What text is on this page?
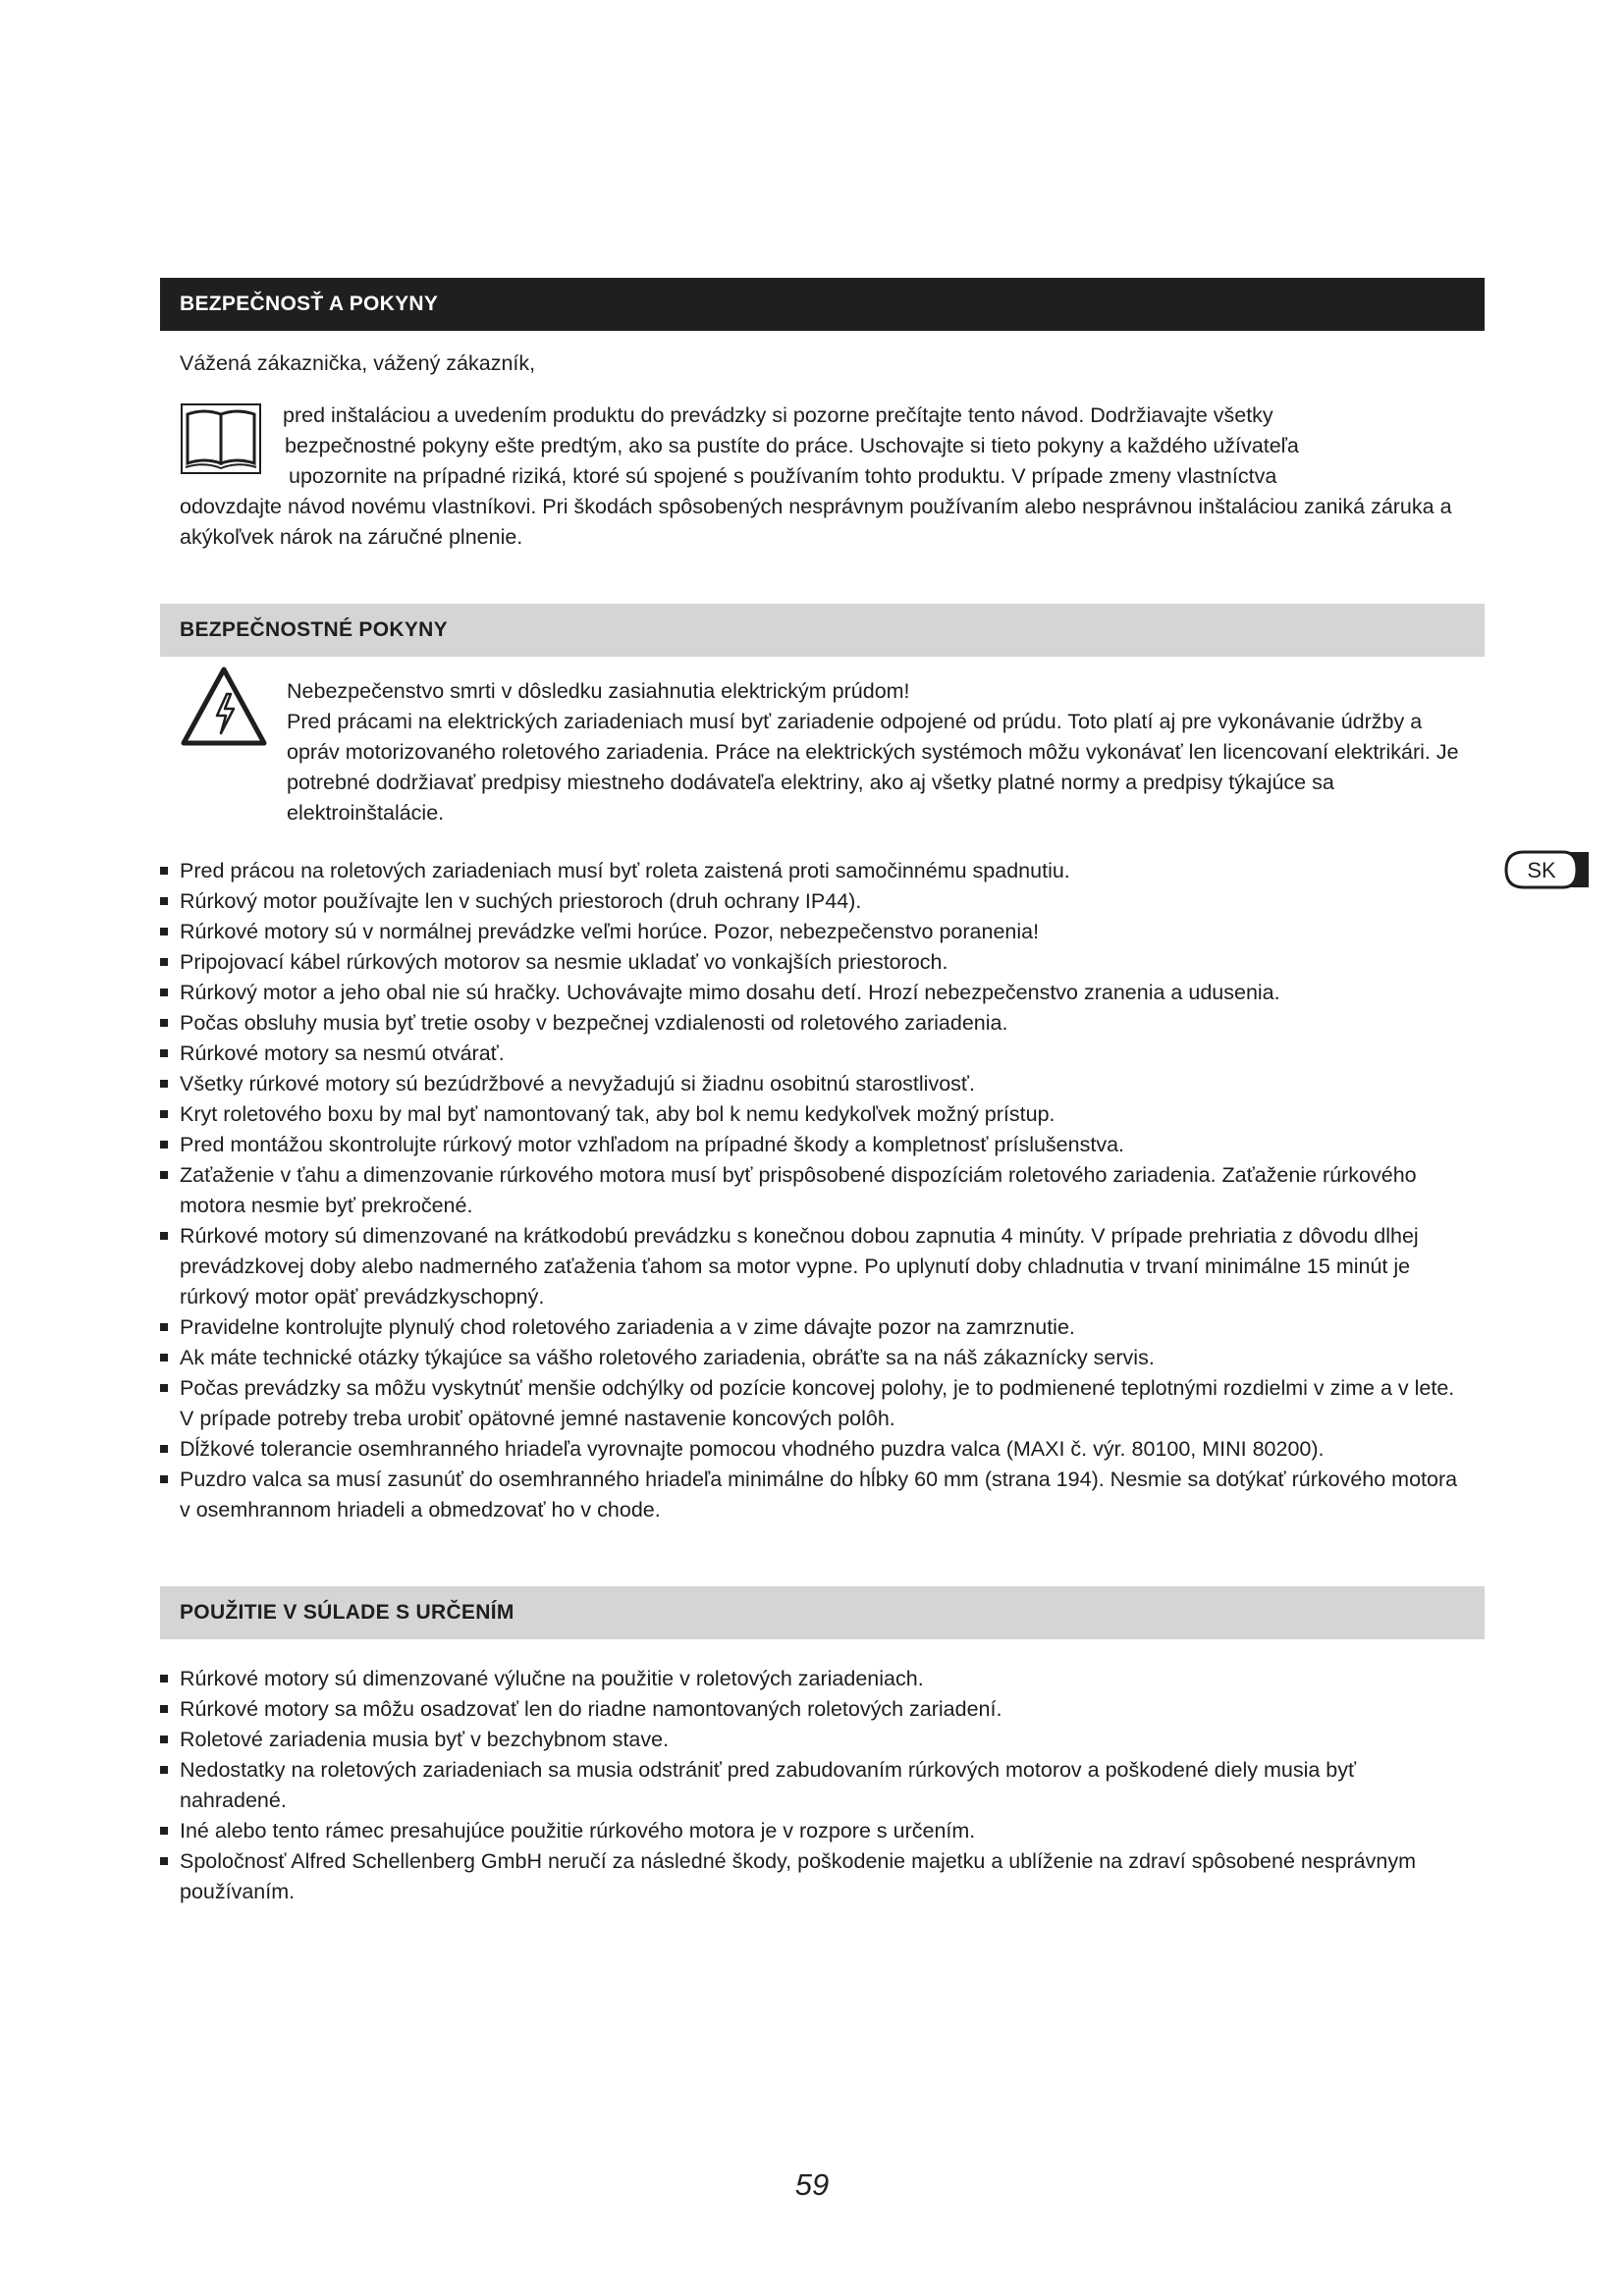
BEZPEČNOSŤ A POKYNY
Vážená zákaznička, vážený zákazník,
pred inštaláciou a uvedením produktu do prevádzky si pozorne prečítajte tento návod. Dodržiavajte všetky
bezpečnostné pokyny ešte predtým, ako sa pustíte do práce. Uschovajte si tieto pokyny a každého užívateľa
upozornite na prípadné riziká, ktoré sú spojené s používaním tohto produktu. V prípade zmeny vlastníctva
odovzdajte návod novému vlastníkovi. Pri škodách spôsobených nesprávnym používaním alebo nesprávnou inštaláciou zaniká záruka a akýkoľvek nárok na záručné plnenie.
BEZPEČNOSTNÉ POKYNY

Nebezpečenstvo smrti v dôsledku zasiahnutia elektrickým prúdom!

Pred prácami na elektrických zariadeniach musí byť zariadenie odpojené od prúdu. Toto platí aj pre vykonávanie údržby a opráv motorizovaného roletového zariadenia. Práce na elektrických systémoch môžu vykonávať len licencovaní elektrikári. Je potrebné dodržiavať predpisy miestneho dodávateľa elektriny, ako aj všetky platné normy a predpisy týkajúce sa elektroinštalácie.

Pred prácou na roletových zariadeniach musí byť roleta zaistená proti samočinnému spadnutiu.
Rúrkový motor používajte len v suchých priestoroch (druh ochrany IP44).
Rúrkové motory sú v normálnej prevádzke veľmi horúce. Pozor, nebezpečenstvo poranenia!
Pripojovací kábel rúrkových motorov sa nesmie ukladať vo vonkajších priestoroch.
Rúrkový motor a jeho obal nie sú hračky. Uchovávajte mimo dosahu detí. Hrozí nebezpečenstvo zranenia a udusenia.
Počas obsluhy musia byť tretie osoby v bezpečnej vzdialenosti od roletového zariadenia.
Rúrkové motory sa nesmú otvárať.
Všetky rúrkové motory sú bezúdržbové a nevyžadujú si žiadnu osobitnú starostlivosť.
Kryt roletového boxu by mal byť namontovaný tak, aby bol k nemu kedykoľvek možný prístup.
Pred montážou skontrolujte rúrkový motor vzhľadom na prípadné škody a kompletnosť príslušenstva.
Zaťaženie v ťahu a dimenzovanie rúrkového motora musí byť prispôsobené dispozíciám roletového zariadenia. Zaťaženie rúrkového motora nesmie byť prekročené.
Rúrkové motory sú dimenzované na krátkodobú prevádzku s konečnou dobou zapnutia 4 minúty. V prípade prehriatia z dôvodu dlhej prevádzkovej doby alebo nadmerného zaťaženia ťahom sa motor vypne. Po uplynutí doby chladnutia v trvaní minimálne 15 minút je rúrkový motor opäť prevádzkyschopný.
Pravidelne kontrolujte plynulý chod roletového zariadenia a v zime dávajte pozor na zamrznutie.
Ak máte technické otázky týkajúce sa vášho roletového zariadenia, obráťte sa na náš zákaznícky servis.
Počas prevádzky sa môžu vyskytnúť menšie odchýlky od pozície koncovej polohy, je to podmienené teplotnými rozdielmi v zime a v lete. V prípade potreby treba urobiť opätovné jemné nastavenie koncových polôh.
Dĺžkové tolerancie osemhranného hriadeľa vyrovnajte pomocou vhodného puzdra valca (MAXI č. výr. 80100, MINI 80200).
Puzdro valca sa musí zasunúť do osemhranného hriadeľa minimálne do hĺbky 60 mm (strana 194). Nesmie sa dotýkať rúrkového motora v osemhrannom hriadeli a obmedzovať ho v chode.
SK
POUŽITIE V SÚLADE S URČENÍM
Rúrkové motory sú dimenzované výlučne na použitie v roletových zariadeniach.
Rúrkové motory sa môžu osadzovať len do riadne namontovaných roletových zariadení.
Roletové zariadenia musia byť v bezchybnom stave.
Nedostatky na roletových zariadeniach sa musia odstrániť pred zabudovaním rúrkových motorov a poškodené diely musia byť nahradené.
Iné alebo tento rámec presahujúce použitie rúrkového motora je v rozpore s určením.
Spoločnosť Alfred Schellenberg GmbH neručí za následné škody, poškodenie majetku a ublíženie na zdraví spôsobené nesprávnym používaním.
59
